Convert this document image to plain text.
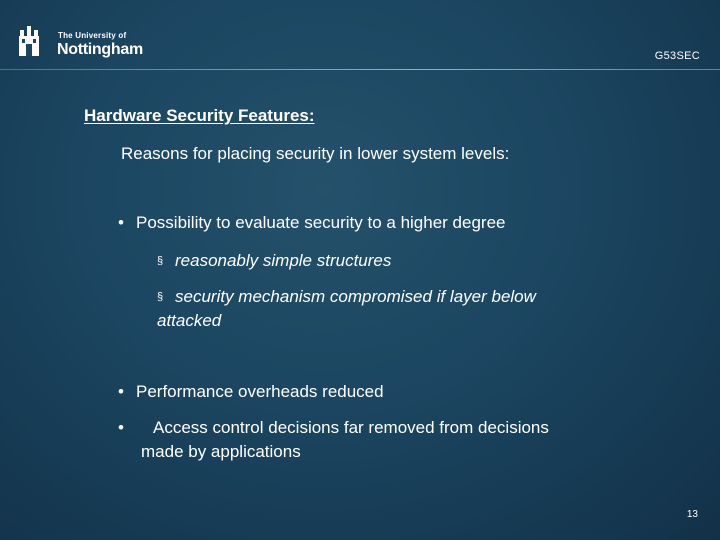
The University of
Nottingham	G53SEC
Hardware Security Features:
Reasons for placing security in lower system levels:
• Possibility to evaluate security to a higher degree
§ reasonably simple structures
§ security mechanism compromised if layer below
attacked
• Performance overheads reduced
• Access control decisions far removed from decisions
made by applications
13
